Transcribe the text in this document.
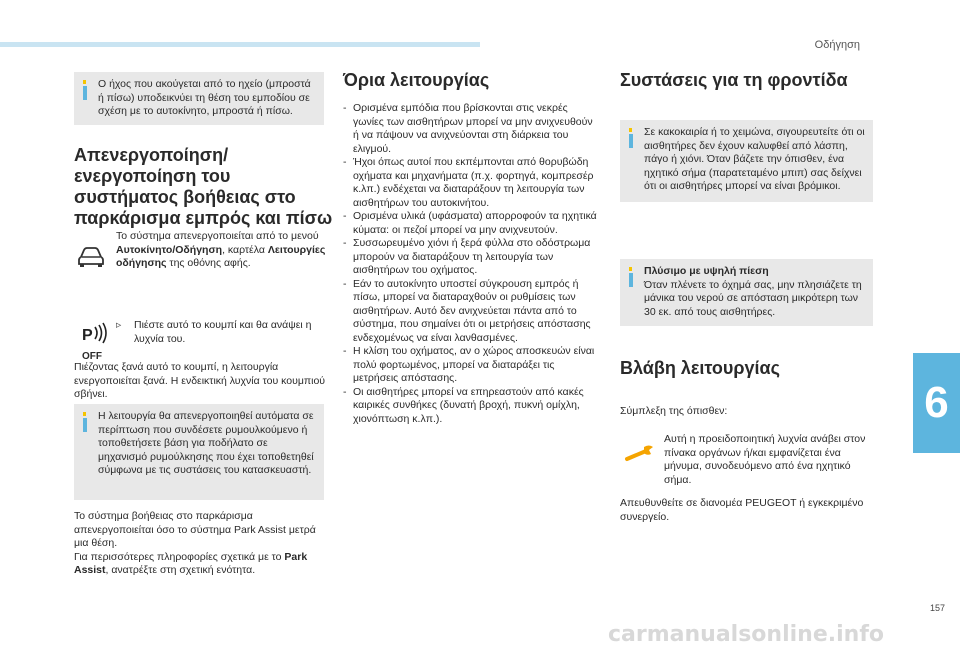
Οδήγηση
6
157
Ο ήχος που ακούγεται από το ηχείο (μπροστά ή πίσω) υποδεικνύει τη θέση του εμποδίου σε σχέση με το αυτοκίνητο, μπροστά ή πίσω.
Απενεργοποίηση/ενεργοποίηση του συστήματος βοήθειας στο παρκάρισμα εμπρός και πίσω
Το σύστημα απενεργοποιείται από το μενού Αυτοκίνητο/Οδήγηση, καρτέλα Λειτουργίες οδήγησης της οθόνης αφής.
P
OFF
▹	Πιέστε αυτό το κουμπί και θα ανάψει η λυχνία του.
Πιέζοντας ξανά αυτό το κουμπί, η λειτουργία ενεργοποιείται ξανά. Η ενδεικτική λυχνία του κουμπιού σβήνει.
Η λειτουργία θα απενεργοποιηθεί αυτόματα σε περίπτωση που συνδέσετε ρυμουλκούμενο ή τοποθετήσετε βάση για ποδήλατο σε μηχανισμό ρυμούλκησης που έχει τοποθετηθεί σύμφωνα με τις συστάσεις του κατασκευαστή.
Το σύστημα βοήθειας στο παρκάρισμα απενεργοποιείται όσο το σύστημα Park Assist μετρά μια θέση.
Για περισσότερες πληροφορίες σχετικά με το Park Assist, ανατρέξτε στη σχετική ενότητα.
Όρια λειτουργίας
- Ορισμένα εμπόδια που βρίσκονται στις νεκρές γωνίες των αισθητήρων μπορεί να μην ανιχνευθούν ή να πάψουν να ανιχνεύονται στη διάρκεια του ελιγμού.
- Ήχοι όπως αυτοί που εκπέμπονται από θορυβώδη οχήματα και μηχανήματα (π.χ. φορτηγά, κομπρεσέρ κ.λπ.) ενδέχεται να διαταράξουν τη λειτουργία των αισθητήρων του αυτοκινήτου.
- Ορισμένα υλικά (υφάσματα) απορροφούν τα ηχητικά κύματα: οι πεζοί μπορεί να μην ανιχνευτούν.
- Συσσωρευμένο χιόνι ή ξερά φύλλα στο οδόστρωμα μπορούν να διαταράξουν τη λειτουργία των αισθητήρων του οχήματος.
- Εάν το αυτοκίνητο υποστεί σύγκρουση εμπρός ή πίσω, μπορεί να διαταραχθούν οι ρυθμίσεις των αισθητήρων. Αυτό δεν ανιχνεύεται πάντα από το σύστημα, που σημαίνει ότι οι μετρήσεις απόστασης ενδεχομένως να είναι λανθασμένες.
- Η κλίση του οχήματος, αν ο χώρος αποσκευών είναι πολύ φορτωμένος, μπορεί να διαταράξει τις μετρήσεις απόστασης.
- Οι αισθητήρες μπορεί να επηρεαστούν από κακές καιρικές συνθήκες (δυνατή βροχή, πυκνή ομίχλη, χιονόπτωση κ.λπ.).
Συστάσεις για τη φροντίδα
Σε κακοκαιρία ή το χειμώνα, σιγουρευτείτε ότι οι αισθητήρες δεν έχουν καλυφθεί από λάσπη, πάγο ή χιόνι. Όταν βάζετε την όπισθεν, ένα ηχητικό σήμα (παρατεταμένο μπιπ) σας δείχνει ότι οι αισθητήρες μπορεί να είναι βρόμικοι.
Πλύσιμο με υψηλή πίεση
Όταν πλένετε το όχημά σας, μην πλησιάζετε τη μάνικα του νερού σε απόσταση μικρότερη των 30 εκ. από τους αισθητήρες.
Βλάβη λειτουργίας
Σύμπλεξη της όπισθεν:
Αυτή η προειδοποιητική λυχνία ανάβει στον πίνακα οργάνων ή/και εμφανίζεται ένα μήνυμα, συνοδευόμενο από ένα ηχητικό σήμα.
Απευθυνθείτε σε διανομέα PEUGEOT ή εγκεκριμένο συνεργείο.
carmanualsonline.info
